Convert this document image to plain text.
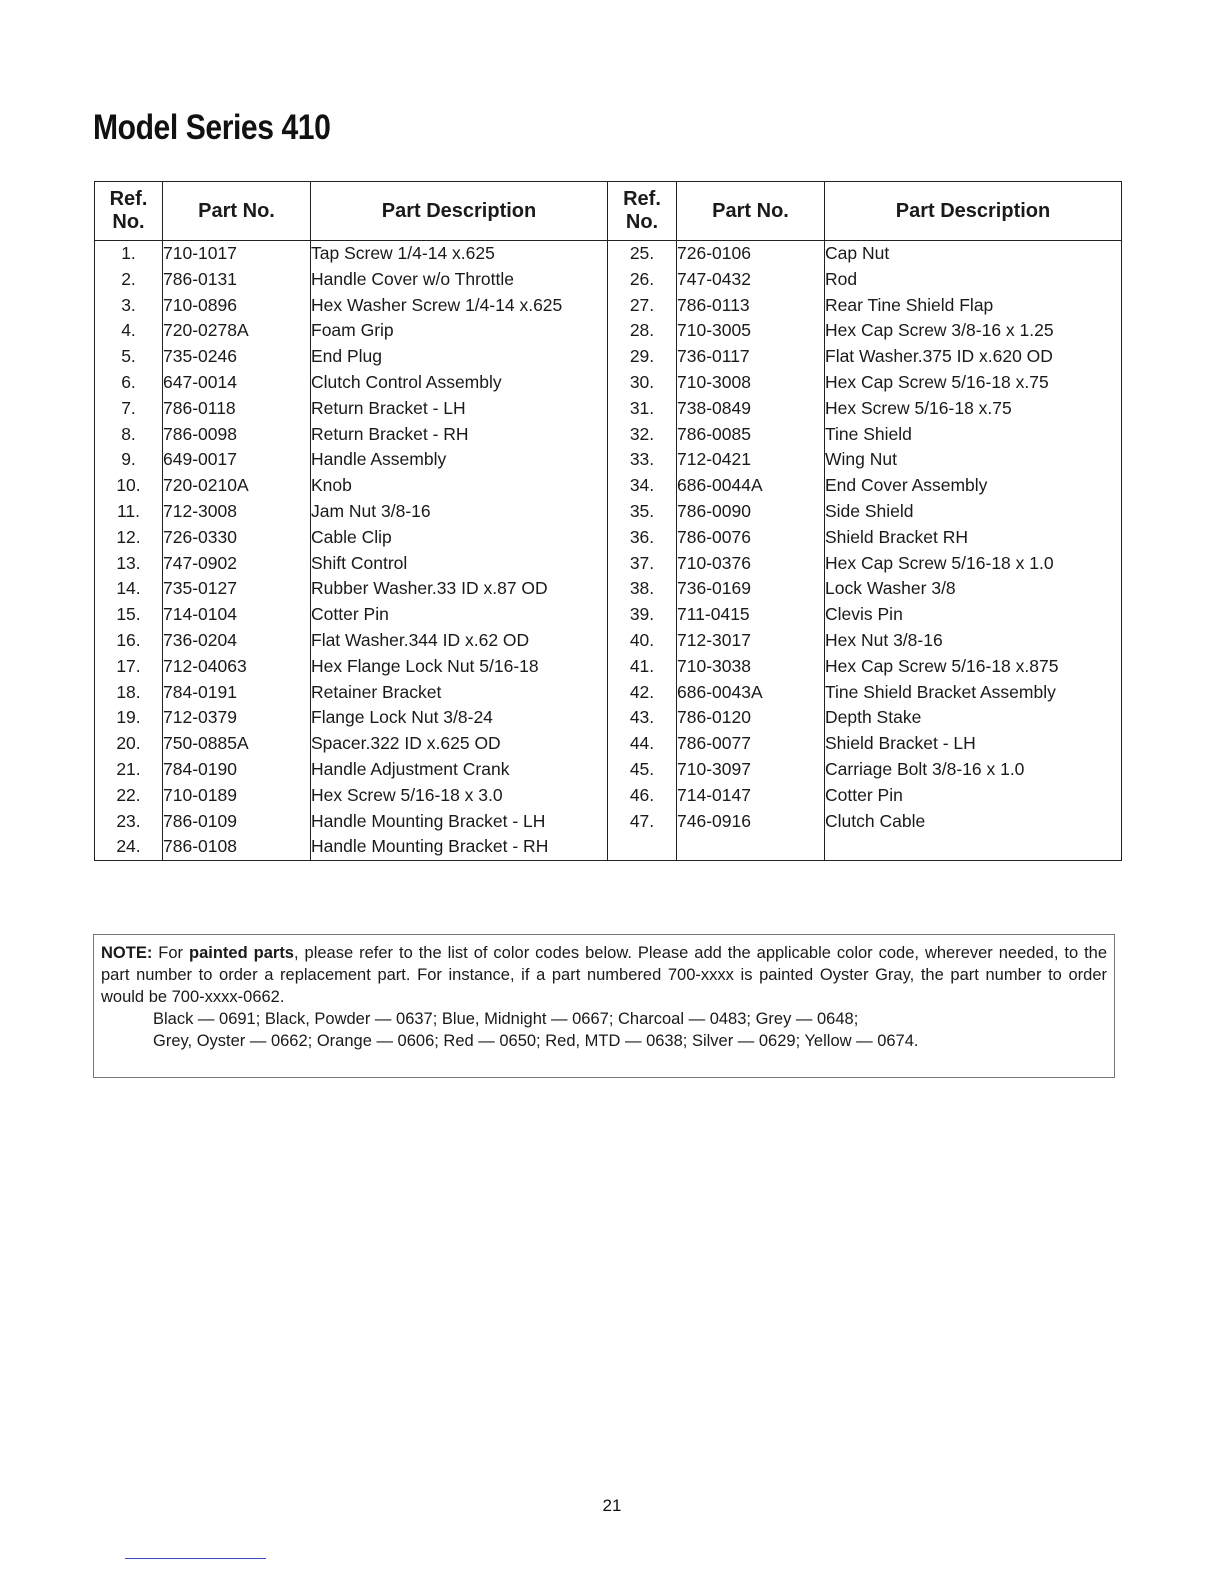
Model Series 410
Ref.
No.	Part No.	Part Description
1.	710-1017	Tap Screw 1/4-14 x.625
2.	786-0131	Handle Cover w/o Throttle
3.	710-0896	Hex Washer Screw 1/4-14 x.625
4.	720-0278A	Foam Grip
5.	735-0246	End Plug
6.	647-0014	Clutch Control Assembly
7.	786-0118	Return Bracket - LH
8.	786-0098	Return Bracket - RH
9.	649-0017	Handle Assembly
10.	720-0210A	Knob
11.	712-3008	Jam Nut 3/8-16
12.	726-0330	Cable Clip
13.	747-0902	Shift Control
14.	735-0127	Rubber Washer.33 ID x.87 OD
15.	714-0104	Cotter Pin
16.	736-0204	Flat Washer.344 ID x.62 OD
17.	712-04063	Hex Flange Lock Nut 5/16-18
18.	784-0191	Retainer Bracket
19.	712-0379	Flange Lock Nut 3/8-24
20.	750-0885A	Spacer.322 ID x.625 OD
21.	784-0190	Handle Adjustment Crank
22.	710-0189	Hex Screw 5/16-18 x 3.0
23.	786-0109	Handle Mounting Bracket - LH
24.	786-0108	Handle Mounting Bracket - RH
Ref.
No.	Part No.	Part Description
25.	726-0106	Cap Nut
26.	747-0432	Rod
27.	786-0113	Rear Tine Shield Flap
28.	710-3005	Hex Cap Screw 3/8-16 x 1.25
29.	736-0117	Flat Washer.375 ID x.620 OD
30.	710-3008	Hex Cap Screw 5/16-18 x.75
31.	738-0849	Hex Screw 5/16-18 x.75
32.	786-0085	Tine Shield
33.	712-0421	Wing Nut
34.	686-0044A	End Cover Assembly
35.	786-0090	Side Shield
36.	786-0076	Shield Bracket RH
37.	710-0376	Hex Cap Screw 5/16-18 x 1.0
38.	736-0169	Lock Washer 3/8
39.	711-0415	Clevis Pin
40.	712-3017	Hex Nut 3/8-16
41.	710-3038	Hex Cap Screw 5/16-18 x.875
42.	686-0043A	Tine Shield Bracket Assembly
43.	786-0120	Depth Stake
44.	786-0077	Shield Bracket - LH
45.	710-3097	Carriage Bolt 3/8-16 x 1.0
46.	714-0147	Cotter Pin
47.	746-0916	Clutch Cable

NOTE: For painted parts, please refer to the list of color codes below. Please add the applicable color code, wherever needed, to the part number to order a replacement part. For instance, if a part numbered 700-xxxx is painted Oyster Gray, the part number to order would be 700-xxxx-0662.

Black — 0691; Black, Powder — 0637; Blue, Midnight — 0667; Charcoal — 0483; Grey — 0648;

Grey, Oyster — 0662; Orange — 0606; Red — 0650; Red, MTD — 0638; Silver — 0629; Yellow — 0674.

21
